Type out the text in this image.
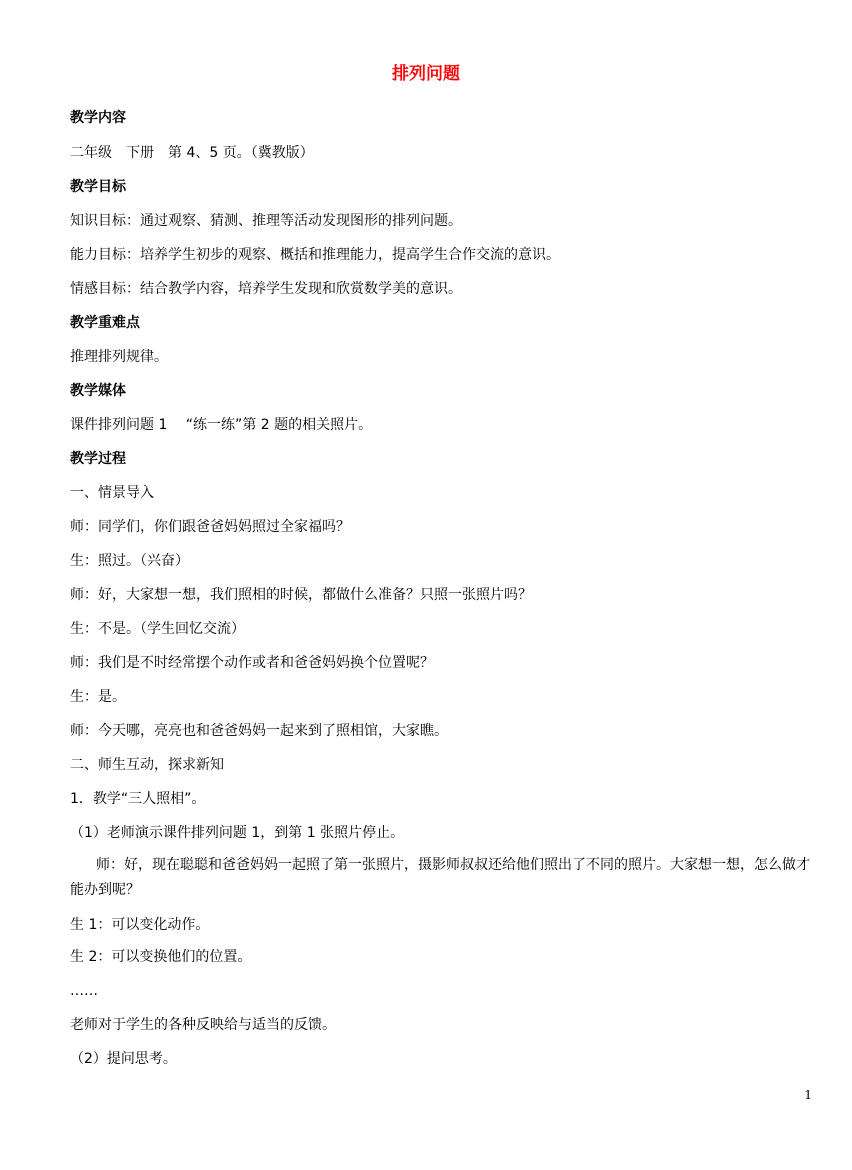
排列问题
教学内容
二年级　下册　第 4、5 页。（冀教版）
教学目标
知识目标：通过观察、猜测、推理等活动发现图形的排列问题。
能力目标：培养学生初步的观察、概括和推理能力，提高学生合作交流的意识。
情感目标：结合教学内容，培养学生发现和欣赏数学美的意识。
教学重难点
推理排列规律。
教学媒体
课件排列问题 1　 “练一练”第 2 题的相关照片。
教学过程
一、情景导入
师：同学们，你们跟爸爸妈妈照过全家福吗？
生：照过。（兴奋）
师：好，大家想一想，我们照相的时候，都做什么准备？只照一张照片吗？
生：不是。（学生回忆交流）
师：我们是不时经常摆个动作或者和爸爸妈妈换个位置呢？
生：是。
师：今天哪，亮亮也和爸爸妈妈一起来到了照相馆，大家瞧。
二、师生互动，探求新知
1．教学“三人照相”。
（1）老师演示课件排列问题 1，到第 1 张照片停止。
师：好，现在聪聪和爸爸妈妈一起照了第一张照片，摄影师叔叔还给他们照出了不同的照片。大家想一想，怎么做才能办到呢？
生 1：可以变化动作。
生 2：可以变换他们的位置。
……
老师对于学生的各种反映给与适当的反馈。
（2）提问思考。
1
